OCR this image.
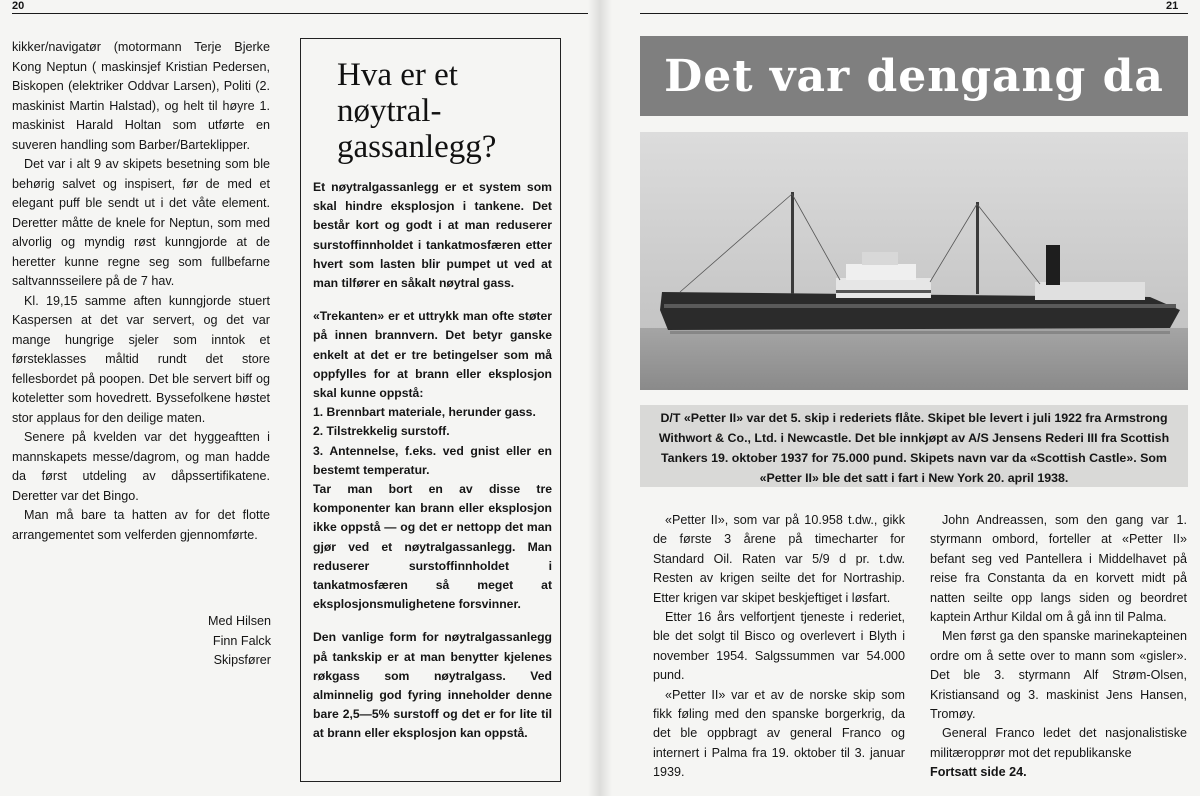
20

kikker/navigatør (motormann Terje Bjerke Kong Neptun ( maskinsjef Kristian Pedersen, Biskopen (elektriker Oddvar Larsen), Politi (2. maskinist Martin Halstad), og helt til høyre 1. maskinist Harald Holtan som utførte en suveren handling som Barber/Barteklipper.

Det var i alt 9 av skipets besetning som ble behørig salvet og inspisert, før de med et elegant puff ble sendt ut i det våte element. Deretter måtte de knele for Neptun, som med alvorlig og myndig røst kunngjorde at de heretter kunne regne seg som fullbefarne saltvannsseilere på de 7 hav.

Kl. 19,15 samme aften kunngjorde stuert Kaspersen at det var servert, og det var mange hungrige sjeler som inntok et førsteklasses måltid rundt det store fellesbordet på poopen. Det ble servert biff og koteletter som hovedrett. Byssefolkene høstet stor applaus for den deilige maten.

Senere på kvelden var det hyggeaftten i mannskapets messe/dagrom, og man hadde da først utdeling av dåpssertifikatene. Deretter var det Bingo.

Man må bare ta hatten av for det flotte arrangementet som velferden gjennomførte.

Med Hilsen
Finn Falck
Skipsfører
Hva er et
nøytral-
gassanlegg?

Et nøytralgassanlegg er et system som skal hindre eksplosjon i tankene. Det består kort og godt i at man reduserer surstoffinnholdet i tankatmosfæren etter hvert som lasten blir pumpet ut ved at man tilfører en såkalt nøytral gass.

«Trekanten» er et uttrykk man ofte støter på innen brannvern. Det betyr ganske enkelt at det er tre betingelser som må oppfylles for at brann eller eksplosjon skal kunne oppstå:

1. Brennbart materiale, herunder gass.

2. Tilstrekkelig surstoff.

3. Antennelse, f.eks. ved gnist eller en bestemt temperatur.

Tar man bort en av disse tre komponenter kan brann eller eksplosjon ikke oppstå — og det er nettopp det man gjør ved et nøytralgassanlegg. Man reduserer surstoffinnholdet i tankatmosfæren så meget at eksplosjonsmulighetene forsvinner.

Den vanlige form for nøytralgassanlegg på tankskip er at man benytter kjelenes røkgass som nøytralgass. Ved alminnelig god fyring inneholder denne bare 2,5—5% surstoff og det er for lite til at brann eller eksplosjon kan oppstå.

21
Det var dengang da

D/T «Petter II» var det 5. skip i rederiets flåte. Skipet ble levert i juli 1922 fra Armstrong Withwort & Co., Ltd. i Newcastle. Det ble innkjøpt av A/S Jensens Rederi III fra Scottish Tankers 19. oktober 1937 for 75.000 pund. Skipets navn var da «Scottish Castle». Som «Petter II» ble det satt i fart i New York 20. april 1938.

«Petter II», som var på 10.958 t.dw., gikk de første 3 årene på timecharter for Standard Oil. Raten var 5/9 d pr. t.dw. Resten av krigen seilte det for Nortraship. Etter krigen var skipet beskjeftiget i løsfart.

Etter 16 års velfortjent tjeneste i rederiet, ble det solgt til Bisco og overlevert i Blyth i november 1954. Salgssummen var 54.000 pund.

«Petter II» var et av de norske skip som fikk føling med den spanske borgerkrig, da det ble oppbragt av general Franco og internert i Palma fra 19. oktober til 3. januar 1939.

John Andreassen, som den gang var 1. styrmann ombord, forteller at «Petter II» befant seg ved Pantellera i Middelhavet på reise fra Constanta da en korvett midt på natten seilte opp langs siden og beordret kaptein Arthur Kildal om å gå inn til Palma.

Men først ga den spanske marinekapteinen ordre om å sette over to mann som «gisler». Det ble 3. styrmann Alf Strøm-Olsen, Kristiansand og 3. maskinist Jens Hansen, Tromøy.

General Franco ledet det nasjonalistiske militæropprør mot det republikanske

Fortsatt side 24.
